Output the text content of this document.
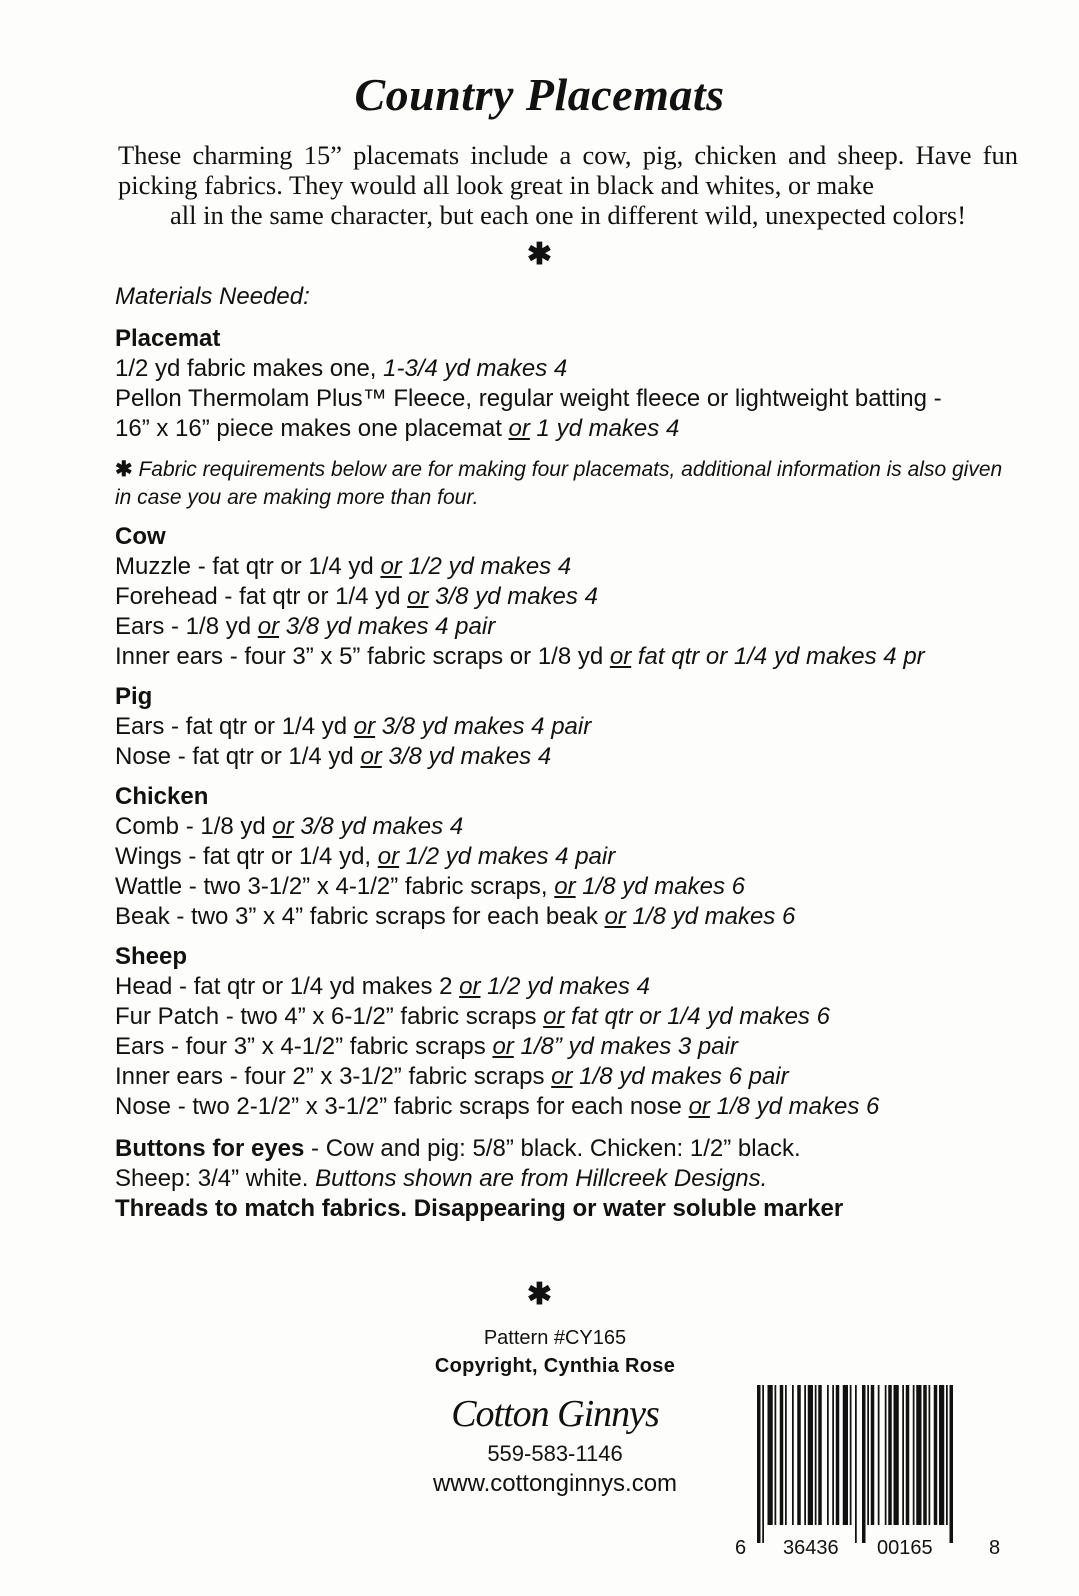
Country Placemats
These charming 15” placemats include a cow, pig, chicken and sheep. Have fun picking fabrics. They would all look great in black and whites, or make
all in the same character, but each one in different wild, unexpected colors!
✱

Materials Needed:

Placemat

1/2 yd fabric makes one, 1-3/4 yd makes 4

Pellon Thermolam Plus™ Fleece, regular weight fleece or lightweight batting -

16” x 16” piece makes one placemat or 1 yd makes 4

✱ Fabric requirements below are for making four placemats, additional information is also given in case you are making more than four.

Cow

Muzzle - fat qtr or 1/4 yd or 1/2 yd makes 4

Forehead - fat qtr or 1/4 yd or 3/8 yd makes 4

Ears - 1/8 yd or 3/8 yd makes 4 pair

Inner ears - four 3” x 5” fabric scraps or 1/8 yd or fat qtr or 1/4 yd makes 4 pr

Pig

Ears - fat qtr or 1/4 yd or 3/8 yd makes 4 pair

Nose - fat qtr or 1/4 yd or 3/8 yd makes 4

Chicken

Comb - 1/8 yd or 3/8 yd makes 4

Wings - fat qtr or 1/4 yd, or 1/2 yd makes 4 pair

Wattle - two 3-1/2” x 4-1/2” fabric scraps, or 1/8 yd makes 6

Beak - two 3” x 4” fabric scraps for each beak or 1/8 yd makes 6

Sheep

Head - fat qtr or 1/4 yd makes 2 or 1/2 yd makes 4

Fur Patch - two 4” x 6-1/2” fabric scraps or fat qtr or 1/4 yd makes 6

Ears - four 3” x 4-1/2” fabric scraps or 1/8” yd makes 3 pair

Inner ears - four 2” x 3-1/2” fabric scraps or 1/8 yd makes 6 pair

Nose - two 2-1/2” x 3-1/2” fabric scraps for each nose or 1/8 yd makes 6

Buttons for eyes - Cow and pig: 5/8” black. Chicken: 1/2” black.

Sheep: 3/4” white. Buttons shown are from Hillcreek Designs.

Threads to match fabrics. Disappearing or water soluble marker

✱
Pattern #CY165
Copyright, Cynthia Rose
Cotton Ginnys
559-583-1146
www.cottonginnys.com
6 36436 00165	8
